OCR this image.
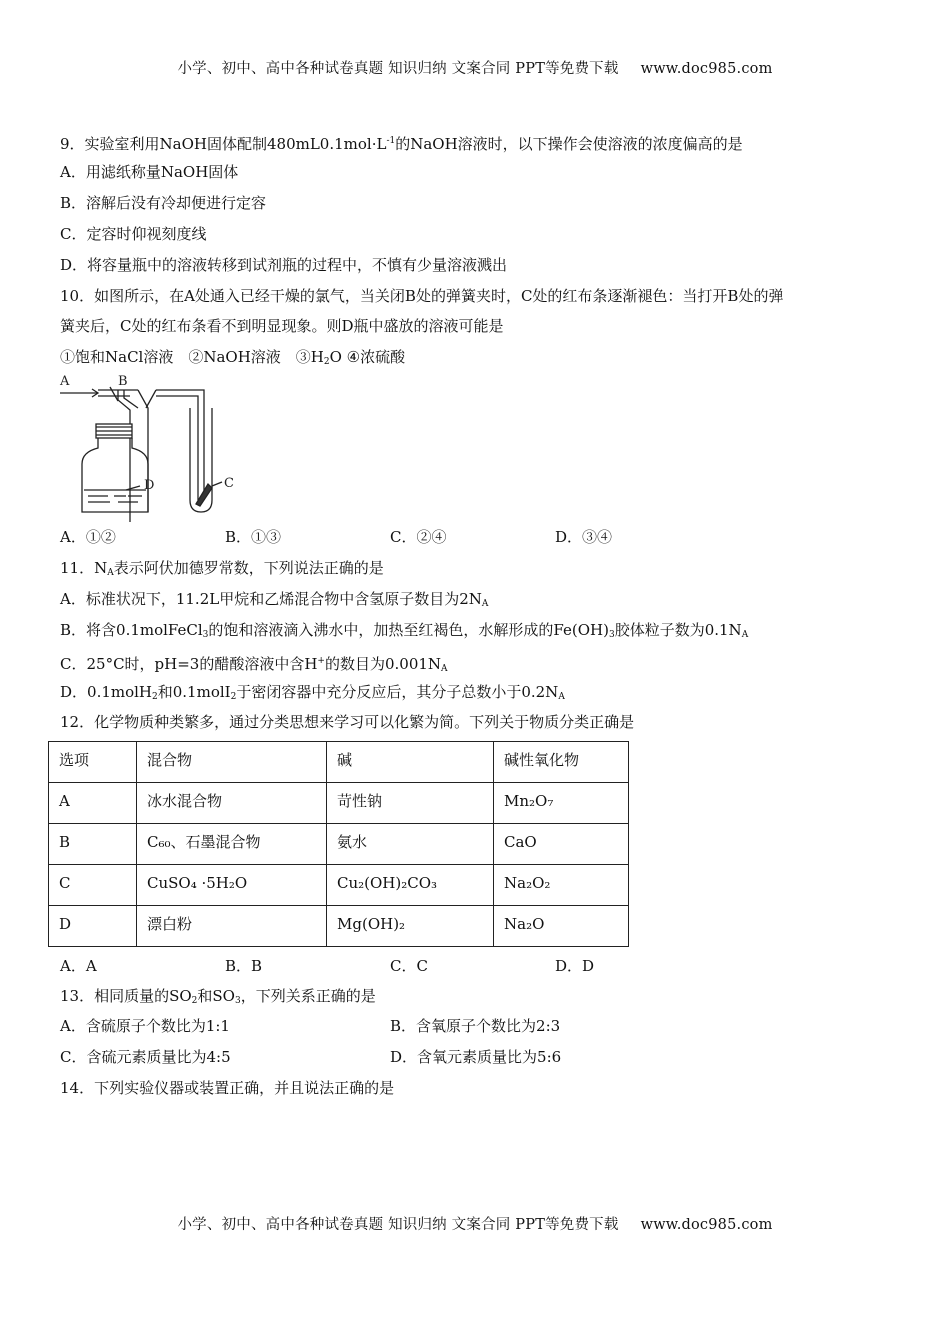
小学、初中、高中各种试卷真题 知识归纳 文案合同 PPT等免费下载 www.doc985.com
9．实验室利用NaOH固体配制$480mL0.1mol\cdot L^{-1}$的NaOH溶液时，以下操作会使溶液的浓度偏高的是
A．用滤纸称量NaOH固体
B．溶解后没有冷却便进行定容
C．定容时仰视刻度线
D．将容量瓶中的溶液转移到试剂瓶的过程中，不慎有少量溶液溅出
10．如图所示，在A处通入已经干燥的氯气，当关闭B处的弹簧夹时，C处的红布条逐渐褪色：当打开B处的弹
簧夹后，C处的红布条看不到明显现象。则D瓶中盛放的溶液可能是
①饱和NaCl溶液　②NaOH溶液　$③H_2O$ ④浓硫酸
A	B
D	C
A．①②	B．①③	C．②④	D．③④
11．$N_A$表示阿伏加德罗常数，下列说法正确的是
A．标准状况下，11.2L甲烷和乙烯混合物中含氢原子数目为$2N_A$
B．将含0.1molFeCl$_3$的饱和溶液滴入沸水中，加热至红褐色，水解形成的$Fe(OH)_3$胶体粒子数为$0.1N_A$
C．25°C时，pH=3的醋酸溶液中含H+的数目为$0.001N_A$
D．0.1molH$_2$和0.1molI$_2$于密闭容器中充分反应后，其分子总数小于$0.2N_A$
12．化学物质种类繁多，通过分类思想来学习可以化繁为简。下列关于物质分类正确是
选项	混合物	碱	碱性氧化物
A	冰水混合物	苛性钠	Mn₂O₇
B	C₆₀、石墨混合物	氨水	CaO
C	CuSO₄ ·5H₂O	Cu₂(OH)₂CO₃	Na₂O₂
D	漂白粉	Mg(OH)₂	Na₂O
A．A	B．B	C．C	D．D
13．相同质量的$SO_2$和$SO_3$，下列关系正确的是
A．含硫原子个数比为1:1	B．含氧原子个数比为2:3
C．含硫元素质量比为4:5	D．含氧元素质量比为5:6
14．下列实验仪器或装置正确，并且说法正确的是
小学、初中、高中各种试卷真题 知识归纳 文案合同 PPT等免费下载 www.doc985.com
